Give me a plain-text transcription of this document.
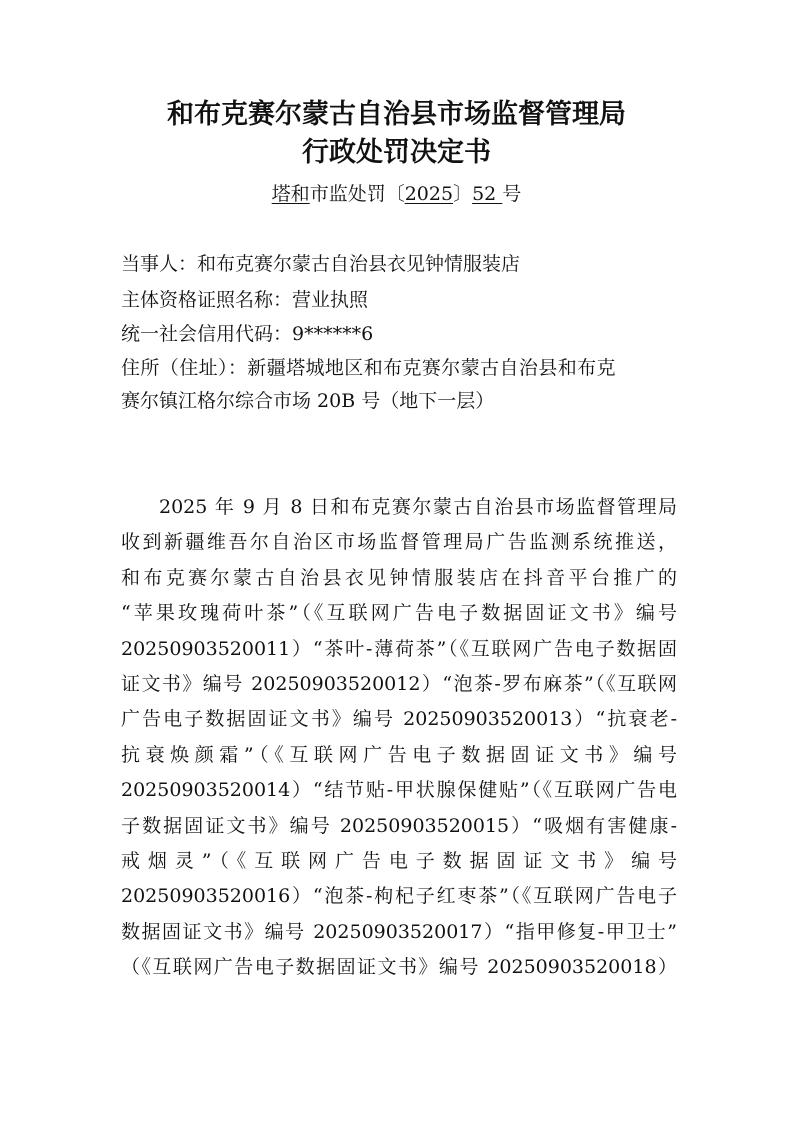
和布克赛尔蒙古自治县市场监督管理局
行政处罚决定书
塔和市监处罚〔2025〕52 号
当事人：和布克赛尔蒙古自治县衣见钟情服装店
主体资格证照名称：营业执照
统一社会信用代码：9******6
住所（住址）：新疆塔城地区和布克赛尔蒙古自治县和布克
赛尔镇江格尔综合市场 20B 号（地下一层）
2025 年 9 月 8 日和布克赛尔蒙古自治县市场监督管理局
收到新疆维吾尔自治区市场监督管理局广告监测系统推送，
和布克赛尔蒙古自治县衣见钟情服装店在抖音平台推广的
“苹果玫瑰荷叶茶”（《互联网广告电子数据固证文书》编号
20250903520011）“茶叶-薄荷茶”（《互联网广告电子数据固
证文书》编号 20250903520012）“泡茶-罗布麻茶”（《互联网
广告电子数据固证文书》编号 20250903520013）“抗衰老-
抗衰焕颜霜”（《互联网广告电子数据固证文书》编号
20250903520014）“结节贴-甲状腺保健贴”（《互联网广告电
子数据固证文书》编号 20250903520015）“吸烟有害健康-
戒烟灵”（《互联网广告电子数据固证文书》编号
20250903520016）“泡茶-枸杞子红枣茶”（《互联网广告电子
数据固证文书》编号 20250903520017）“指甲修复-甲卫士”
（《互联网广告电子数据固证文书》编号 20250903520018）
